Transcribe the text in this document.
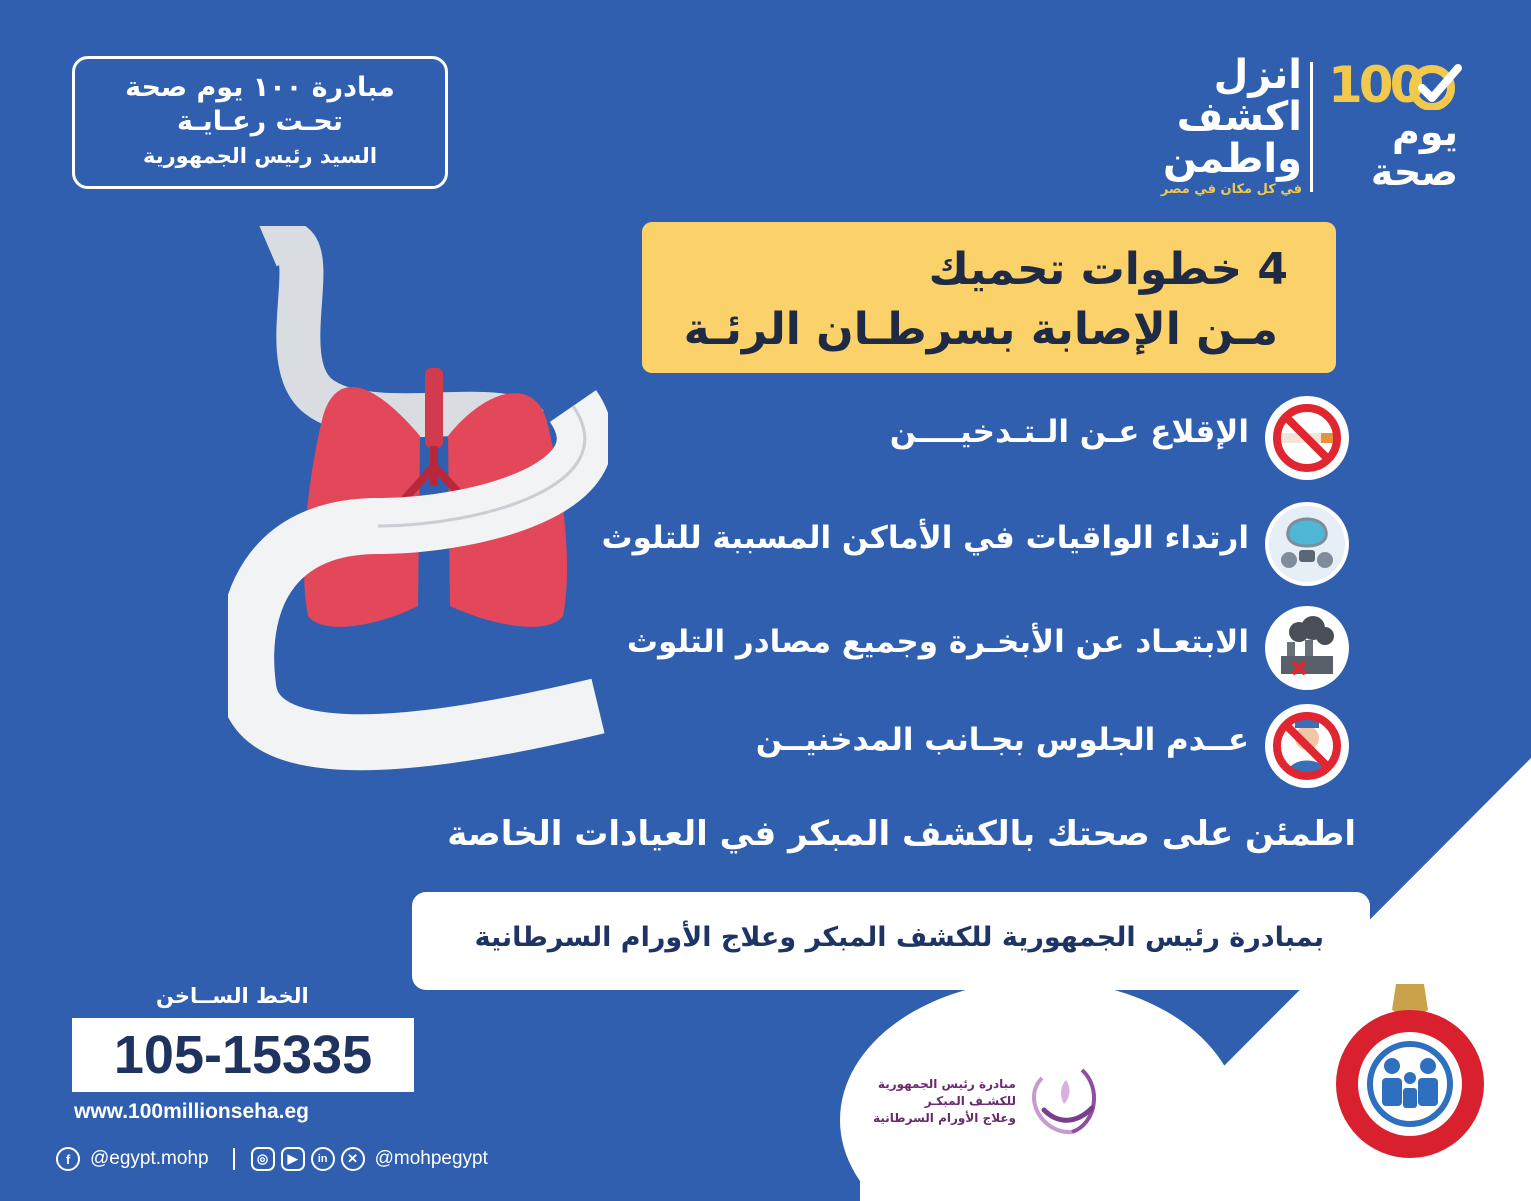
مبادرة ١٠٠ يوم صحة
تحـت رعـايـة
السيد رئيس الجمهورية
100
يوم صحة
انزل
اكشف
واطمن
في كل مكان في مصر
4 خطوات تحميك
مـن الإصابة بسرطـان الرئـة
الإقلاع عـن الـتـدخيــــن
ارتداء الواقيات في الأماكن المسببة للتلوث
الابتعـاد عن الأبخـرة وجميع مصادر التلوث
عــدم الجلوس بجـانب المدخنيــن
اطمئن على صحتك بالكشف المبكر في العيادات الخاصة
بمبادرة رئيس الجمهورية للكشف المبكر وعلاج الأورام السرطانية
الخط الســاخن
105-15335
www.100millionseha.eg
f	@egypt.mohp	◎	▶	in	✕ @mohpegypt
مبادرة رئيس الجمهورية
للكشـف المبكـر
وعلاج الأورام السرطانية
